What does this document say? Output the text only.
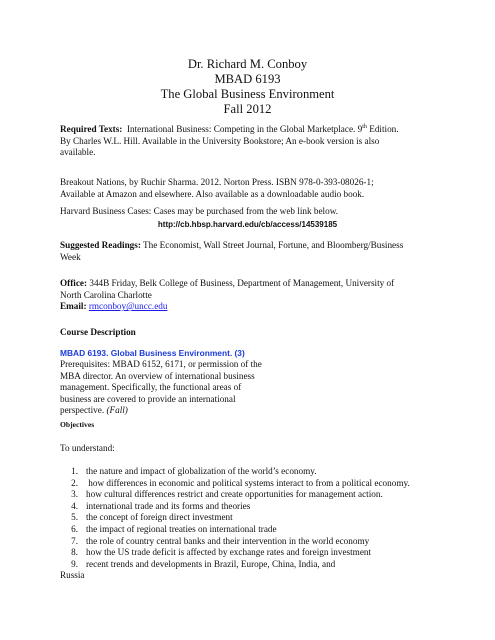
Dr. Richard M. Conboy
MBAD 6193
The Global Business Environment
Fall 2012
Required Texts: International Business: Competing in the Global Marketplace. 9th Edition.
By Charles W.L. Hill. Available in the University Bookstore; An e-book version is also
available.
Breakout Nations, by Ruchir Sharma. 2012. Norton Press. ISBN 978-0-393-08026-1;
Available at Amazon and elsewhere. Also available as a downloadable audio book.
Harvard Business Cases: Cases may be purchased from the web link below.
http://cb.hbsp.harvard.edu/cb/access/14539185
Suggested Readings: The Economist, Wall Street Journal, Fortune, and Bloomberg/Business
Week
Office: 344B Friday, Belk College of Business, Department of Management, University of
North Carolina Charlotte
Email: rmconboy@uncc.edu
Course Description
MBAD 6193. Global Business Environment. (3)
Prerequisites: MBAD 6152, 6171, or permission of the
MBA director. An overview of international business
management. Specifically, the functional areas of
business are covered to provide an international
perspective. (Fall)
Objectives
To understand:
1. the nature and impact of globalization of the world’s economy.
2. how differences in economic and political systems interact to from a political economy.
3. how cultural differences restrict and create opportunities for management action.
4. international trade and its forms and theories
5. the concept of foreign direct investment
6. the impact of regional treaties on international trade
7. the role of country central banks and their intervention in the world economy
8. how the US trade deficit is affected by exchange rates and foreign investment
9. recent trends and developments in Brazil, Europe, China, India, and
Russia
